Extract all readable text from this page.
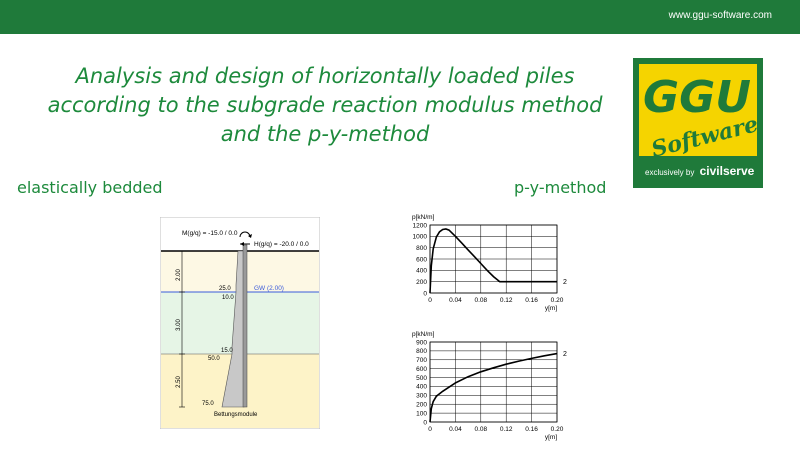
www.ggu-software.com
Analysis and design of horizontally loaded piles
according to the subgrade reaction modulus method
and the p-y-method
GGU
Software
exclusively by civilserve
elastically bedded	p-y-method
2.00
3.00
2.50
M(g/q) = -15.0 / 0.0
H(g/q) = -20.0 / 0.0
GW (2.00)
25.0
10.0
15.0
50.0
75.0
Bettungsmodule
0	0.04 0.08 0.12 0.16 0.20
0
200
400
600
800
1000
1200
p[kN/m]
y[m]
2
0	0.04 0.08 0.12 0.16 0.20
0
100
200
300
400
500
600
700
800
900
p[kN/m]
y[m]
2
